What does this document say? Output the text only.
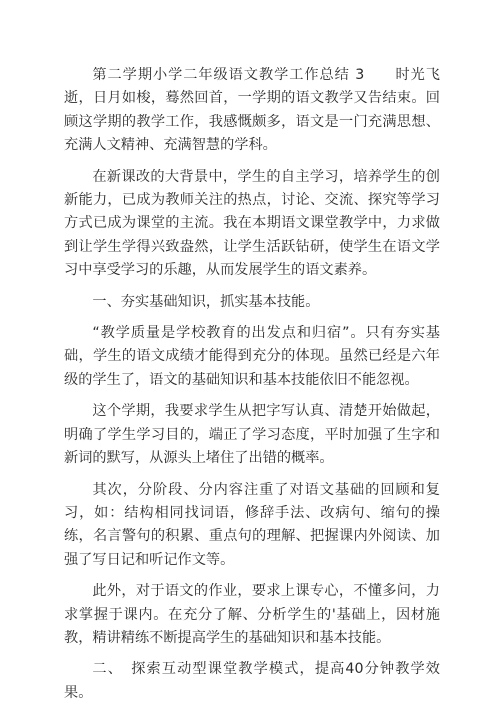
第二学期小学二年级语文教学工作总结 3　　时光飞逝，日月如梭，蓦然回首，一学期的语文教学又告结束。回顾这学期的教学工作，我感慨颇多，语文是一门充满思想、充满人文精神、充满智慧的学科。

在新课改的大背景中，学生的自主学习，培养学生的创新能力，已成为教师关注的热点，讨论、交流、探究等学习方式已成为课堂的主流。我在本期语文课堂教学中，力求做到让学生学得兴致盎然，让学生活跃钻研，使学生在语文学习中享受学习的乐趣，从而发展学生的语文素养。

一、夯实基础知识，抓实基本技能。

“教学质量是学校教育的出发点和归宿”。只有夯实基础，学生的语文成绩才能得到充分的体现。虽然已经是六年级的学生了，语文的基础知识和基本技能依旧不能忽视。

这个学期，我要求学生从把字写认真、清楚开始做起，明确了学生学习目的，端正了学习态度，平时加强了生字和新词的默写，从源头上堵住了出错的概率。

其次，分阶段、分内容注重了对语文基础的回顾和复习，如：结构相同找词语，修辞手法、改病句、缩句的操练，名言警句的积累、重点句的理解、把握课内外阅读、加强了写日记和听记作文等。

此外，对于语文的作业，要求上课专心，不懂多问，力求掌握于课内。在充分了解、分析学生的'基础上，因材施教，精讲精练不断提高学生的基础知识和基本技能。

二、　探索互动型课堂教学模式，提高40分钟教学效果。
